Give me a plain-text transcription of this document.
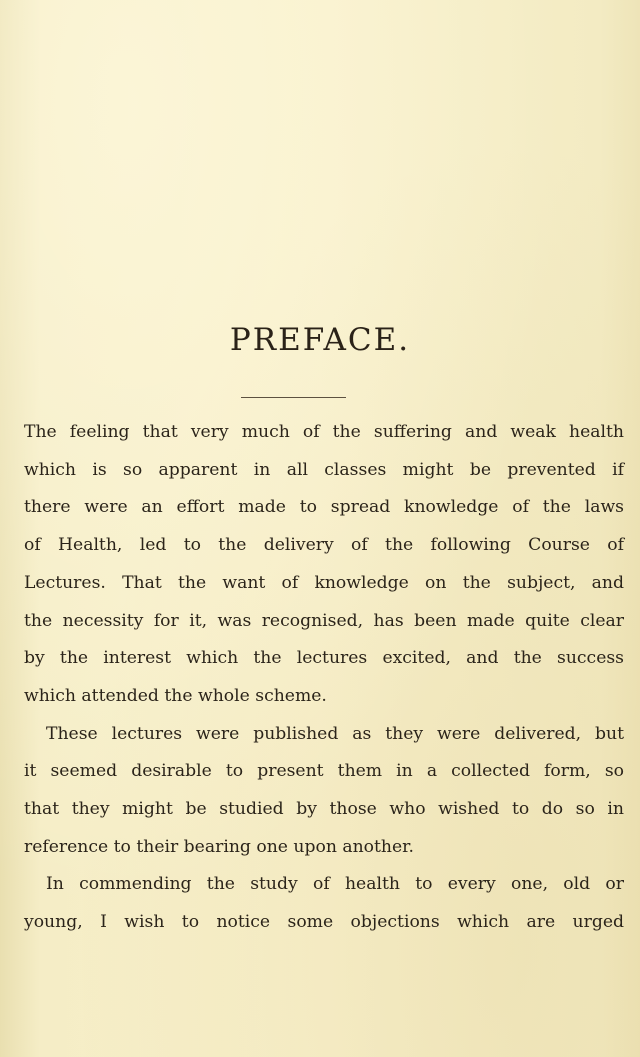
PREFACE.
The feeling that very much of the suffering and weak health
which is so apparent in all classes might be prevented if
there were an effort made to spread knowledge of the laws
of Health, led to the delivery of the following Course of
Lectures. That the want of knowledge on the subject, and
the necessity for it, was recognised, has been made quite clear
by the interest which the lectures excited, and the success
which attended the whole scheme.
These lectures were published as they were delivered, but
it seemed desirable to present them in a collected form, so
that they might be studied by those who wished to do so in
reference to their bearing one upon another.
In commending the study of health to every one, old or
young, I wish to notice some objections which are urged
